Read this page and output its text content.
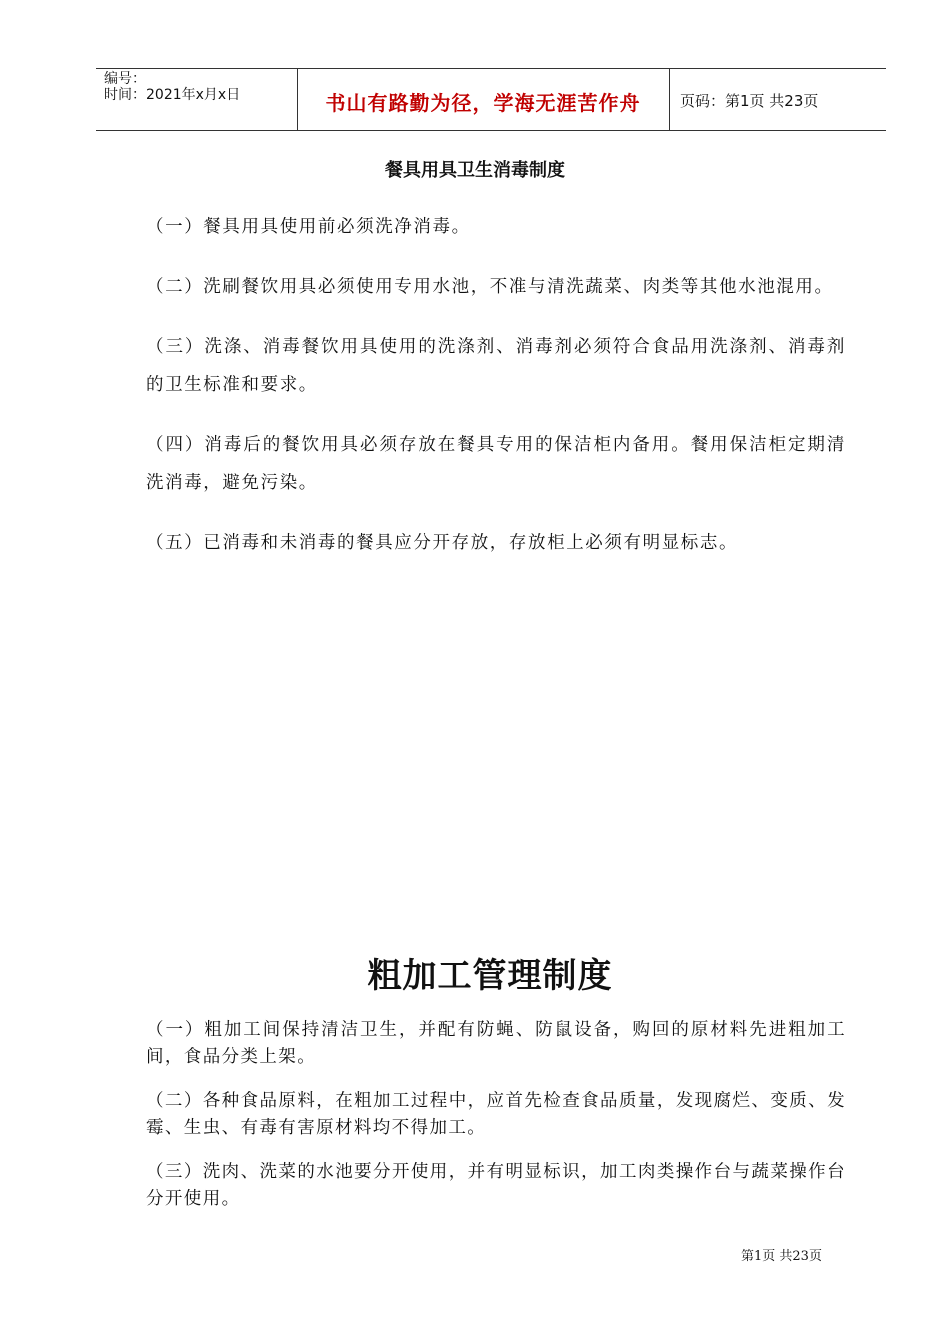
编号：
时间：2021年x月x日	书山有路勤为径，学海无涯苦作舟	页码：第1页 共23页
餐具用具卫生消毒制度

（一）餐具用具使用前必须洗净消毒。

（二）洗刷餐饮用具必须使用专用水池，不准与清洗蔬菜、肉类等其他水池混用。

（三）洗涤、消毒餐饮用具使用的洗涤剂、消毒剂必须符合食品用洗涤剂、消毒剂的卫生标准和要求。

（四）消毒后的餐饮用具必须存放在餐具专用的保洁柜内备用。餐用保洁柜定期清洗消毒，避免污染。

（五）已消毒和未消毒的餐具应分开存放，存放柜上必须有明显标志。

粗加工管理制度

（一）粗加工间保持清洁卫生，并配有防蝇、防鼠设备，购回的原材料先进粗加工间，食品分类上架。

（二）各种食品原料，在粗加工过程中，应首先检查食品质量，发现腐烂、变质、发霉、生虫、有毒有害原材料均不得加工。

（三）洗肉、洗菜的水池要分开使用，并有明显标识，加工肉类操作台与蔬菜操作台分开使用。

第1页 共23页
